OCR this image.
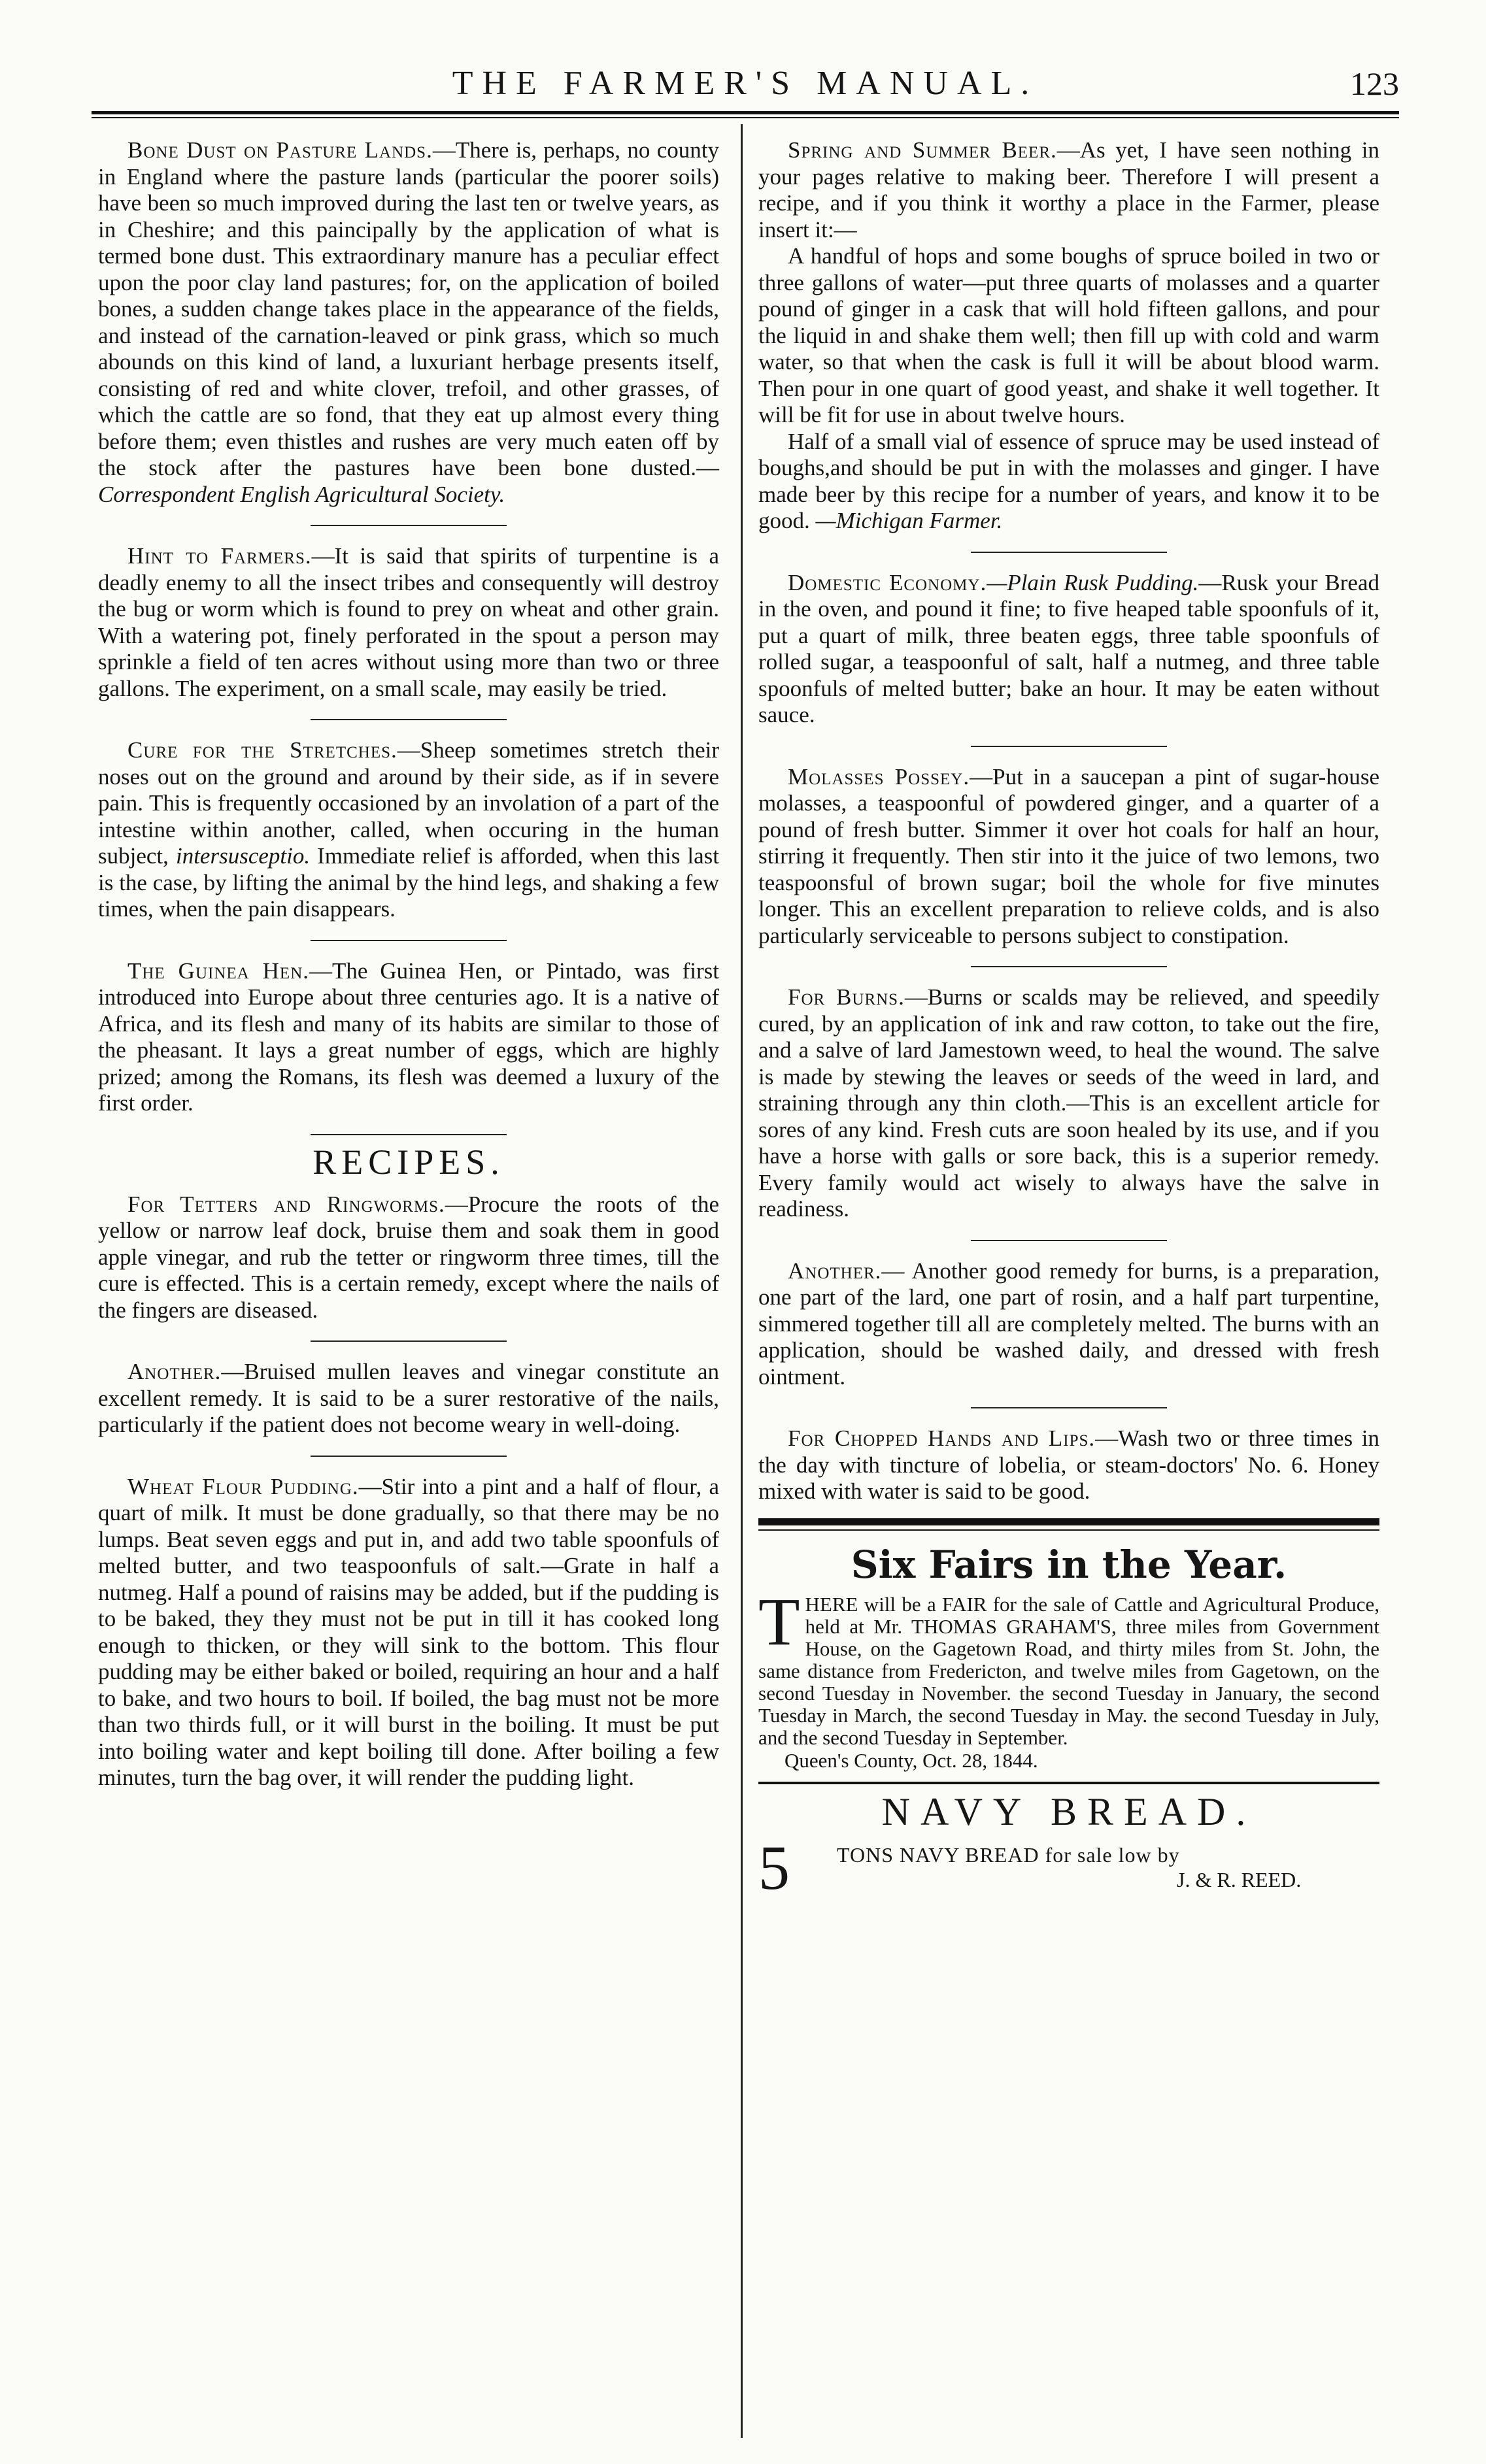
THE FARMER'S MANUAL.	123

Bone Dust on Pasture Lands.—There is, perhaps, no county in England where the pasture lands (particular the poorer soils) have been so much improved during the last ten or twelve years, as in Cheshire; and this paincipally by the application of what is termed bone dust. This extraordinary manure has a peculiar effect upon the poor clay land pastures; for, on the application of boiled bones, a sudden change takes place in the appearance of the fields, and instead of the carnation-leaved or pink grass, which so much abounds on this kind of land, a luxuriant herbage presents itself, consisting of red and white clover, trefoil, and other grasses, of which the cattle are so fond, that they eat up almost every thing before them; even thistles and rushes are very much eaten off by the stock after the pastures have been bone dusted.— Correspondent English Agricultural Society.

Hint to Farmers.—It is said that spirits of turpentine is a deadly enemy to all the insect tribes and consequently will destroy the bug or worm which is found to prey on wheat and other grain. With a watering pot, finely perforated in the spout a person may sprinkle a field of ten acres without using more than two or three gallons. The experiment, on a small scale, may easily be tried.

Cure for the Stretches.—Sheep sometimes stretch their noses out on the ground and around by their side, as if in severe pain. This is frequently occasioned by an involation of a part of the intestine within another, called, when occuring in the human subject, intersusceptio. Immediate relief is afforded, when this last is the case, by lifting the animal by the hind legs, and shaking a few times, when the pain disappears.

The Guinea Hen.—The Guinea Hen, or Pintado, was first introduced into Europe about three centuries ago. It is a native of Africa, and its flesh and many of its habits are similar to those of the pheasant. It lays a great number of eggs, which are highly prized; among the Romans, its flesh was deemed a luxury of the first order.

RECIPES.

For Tetters and Ringworms.—Procure the roots of the yellow or narrow leaf dock, bruise them and soak them in good apple vinegar, and rub the tetter or ringworm three times, till the cure is effected. This is a certain remedy, except where the nails of the fingers are diseased.

Another.—Bruised mullen leaves and vinegar constitute an excellent remedy. It is said to be a surer restorative of the nails, particularly if the patient does not become weary in well-doing.

Wheat Flour Pudding.—Stir into a pint and a half of flour, a quart of milk. It must be done gradually, so that there may be no lumps. Beat seven eggs and put in, and add two table spoonfuls of melted butter, and two teaspoonfuls of salt.—Grate in half a nutmeg. Half a pound of raisins may be added, but if the pudding is to be baked, they they must not be put in till it has cooked long enough to thicken, or they will sink to the bottom. This flour pudding may be either baked or boiled, requiring an hour and a half to bake, and two hours to boil. If boiled, the bag must not be more than two thirds full, or it will burst in the boiling. It must be put into boiling water and kept boiling till done. After boiling a few minutes, turn the bag over, it will render the pudding light.

Spring and Summer Beer.—As yet, I have seen nothing in your pages relative to making beer. Therefore I will present a recipe, and if you think it worthy a place in the Farmer, please insert it:—

A handful of hops and some boughs of spruce boiled in two or three gallons of water—put three quarts of molasses and a quarter pound of ginger in a cask that will hold fifteen gallons, and pour the liquid in and shake them well; then fill up with cold and warm water, so that when the cask is full it will be about blood warm. Then pour in one quart of good yeast, and shake it well together. It will be fit for use in about twelve hours.

Half of a small vial of essence of spruce may be used instead of boughs,and should be put in with the molasses and ginger. I have made beer by this recipe for a number of years, and know it to be good. —Michigan Farmer.

Domestic Economy.—Plain Rusk Pudding.—Rusk your Bread in the oven, and pound it fine; to five heaped table spoonfuls of it, put a quart of milk, three beaten eggs, three table spoonfuls of rolled sugar, a teaspoonful of salt, half a nutmeg, and three table spoonfuls of melted butter; bake an hour. It may be eaten without sauce.

Molasses Possey.—Put in a saucepan a pint of sugar-house molasses, a teaspoonful of powdered ginger, and a quarter of a pound of fresh butter. Simmer it over hot coals for half an hour, stirring it frequently. Then stir into it the juice of two lemons, two teaspoonsful of brown sugar; boil the whole for five minutes longer. This an excellent preparation to relieve colds, and is also particularly serviceable to persons subject to constipation.

For Burns.—Burns or scalds may be relieved, and speedily cured, by an application of ink and raw cotton, to take out the fire, and a salve of lard Jamestown weed, to heal the wound. The salve is made by stewing the leaves or seeds of the weed in lard, and straining through any thin cloth.—This is an excellent article for sores of any kind. Fresh cuts are soon healed by its use, and if you have a horse with galls or sore back, this is a superior remedy. Every family would act wisely to always have the salve in readiness.

Another.— Another good remedy for burns, is a preparation, one part of the lard, one part of rosin, and a half part turpentine, simmered together till all are completely melted. The burns with an application, should be washed daily, and dressed with fresh ointment.

For Chopped Hands and Lips.—Wash two or three times in the day with tincture of lobelia, or steam-doctors' No. 6. Honey mixed with water is said to be good.

Six Fairs in the Year.

THERE will be a FAIR for the sale of Cattle and Agricultural Produce, held at Mr. THOMAS GRAHAM'S, three miles from Government House, on the Gagetown Road, and thirty miles from St. John, the same distance from Fredericton, and twelve miles from Gagetown, on the second Tuesday in November. the second Tuesday in January, the second Tuesday in March, the second Tuesday in May. the second Tuesday in July, and the second Tuesday in September.

Queen's County, Oct. 28, 1844.

NAVY BREAD.
5 TONS NAVY BREAD for sale low by
J. & R. REED.
